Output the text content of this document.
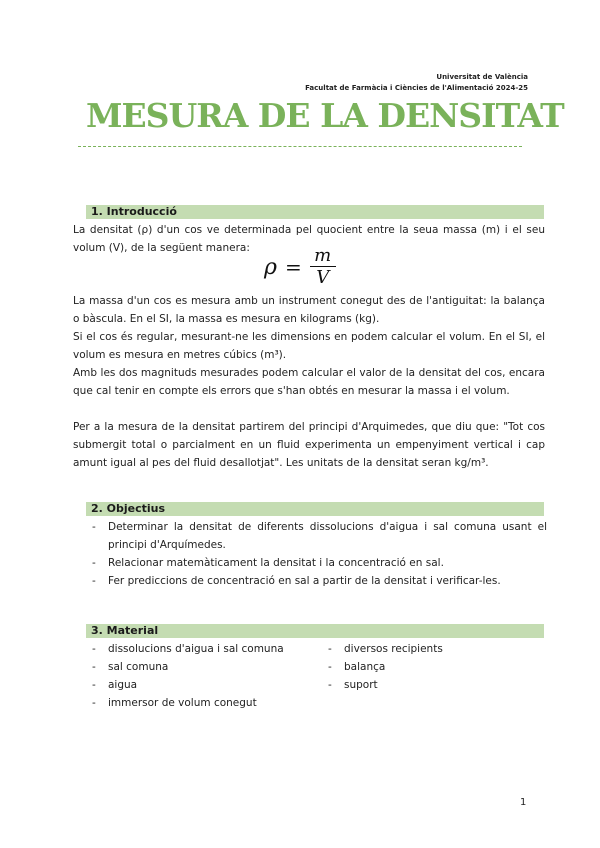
Universitat de València
Facultat de Farmàcia i Ciències de l'Alimentació 2024-25
MESURA DE LA DENSITAT
1. Introducció
La densitat (ρ) d'un cos ve determinada pel quocient entre la seua massa (m) i el seu volum (V), de la següent manera:
$\rho = \frac{m}{V}$
La massa d'un cos es mesura amb un instrument conegut des de l'antiguitat: la balança o bàscula. En el SI, la massa es mesura en kilograms (kg).
Si el cos és regular, mesurant-ne les dimensions en podem calcular el volum. En el SI, el volum es mesura en metres cúbics (m³).
Amb les dos magnituds mesurades podem calcular el valor de la densitat del cos, encara que cal tenir en compte els errors que s'han obtés en mesurar la massa i el volum.
Per a la mesura de la densitat partirem del principi d'Arquimedes, que diu que: "Tot cos submergit total o parcialment en un fluid experimenta un empenyiment vertical i cap amunt igual al pes del fluid desallotjat". Les unitats de la densitat seran kg/m³.
2. Objectius
- Determinar la densitat de diferents dissolucions d'aigua i sal comuna usant el principi d'Arquímedes.
- Relacionar matemàticament la densitat i la concentració en sal.
- Fer prediccions de concentració en sal a partir de la densitat i verificar-les.
3. Material
- dissolucions d'aigua i sal comuna
- sal comuna
- aigua
- immersor de volum conegut
- diversos recipients
- balança
- suport
1
